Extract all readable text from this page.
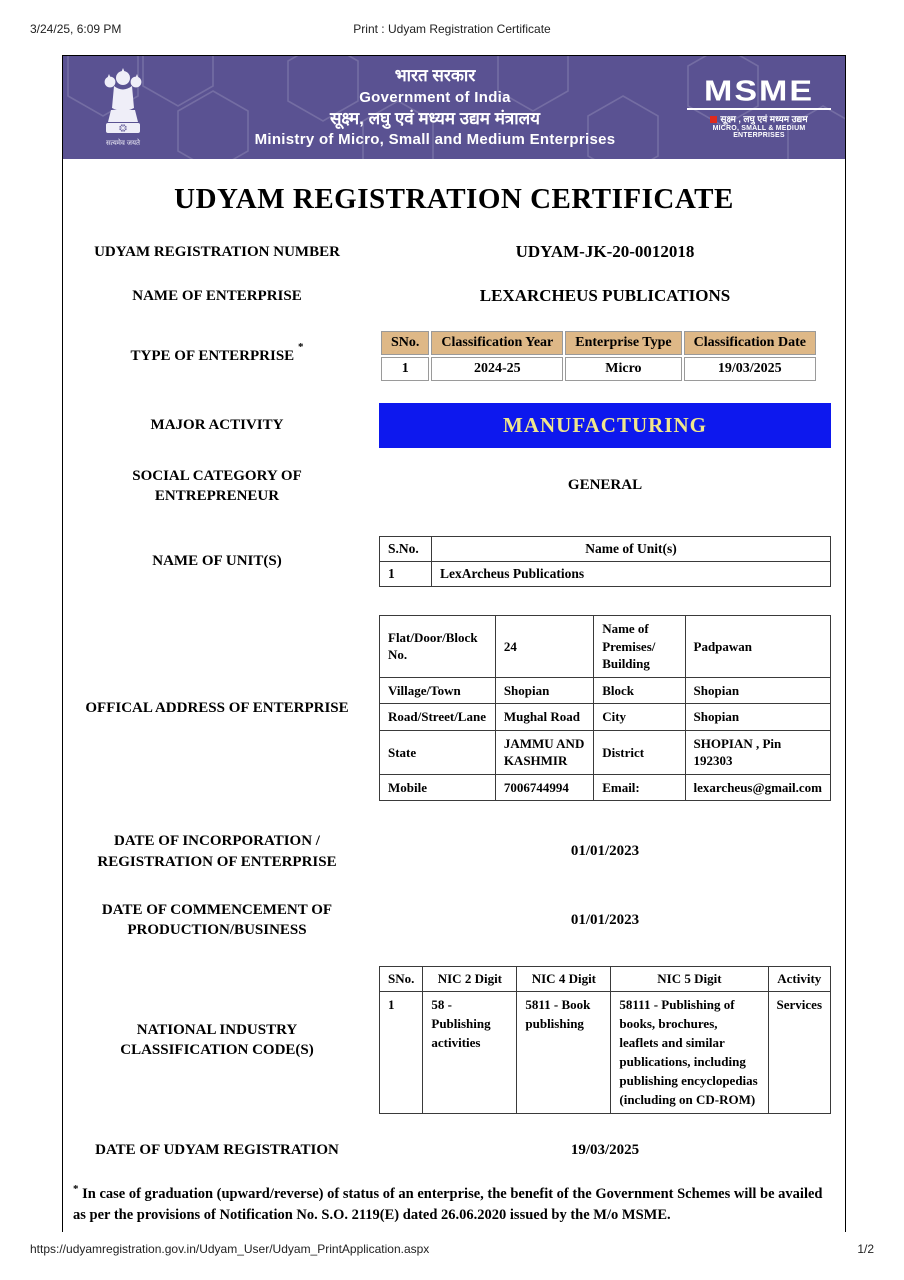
3/24/25, 6:09 PM	Print : Udyam Registration Certificate
सत्यमेव जयते
भारत सरकार
Government of India
सूक्ष्म, लघु एवं मध्यम उद्यम मंत्रालय
Ministry of Micro, Small and Medium Enterprises
MSME
सूक्ष्म , लघु एवं मध्यम उद्यम
MICRO, SMALL & MEDIUM ENTERPRISES
UDYAM REGISTRATION CERTIFICATE
UDYAM REGISTRATION NUMBER	UDYAM-JK-20-0012018
NAME OF ENTERPRISE	LEXARCHEUS PUBLICATIONS
TYPE OF ENTERPRISE *	SNo.	Classification Year	Enterprise Type	Classification Date
1	2024-25	Micro	19/03/2025
MAJOR ACTIVITY	MANUFACTURING
SOCIAL CATEGORY OF ENTREPRENEUR
GENERAL
NAME OF UNIT(S)
S.No.	Name of Unit(s)
1	LexArcheus Publications
OFFICAL ADDRESS OF ENTERPRISE
Flat/Door/Block No.	24	Name of Premises/ Building	Padpawan
Village/Town	Shopian	Block	Shopian
Road/Street/Lane	Mughal Road	City	Shopian
State	JAMMU AND KASHMIR	District	SHOPIAN , Pin 192303
Mobile	7006744994	Email:	lexarcheus@gmail.com
DATE OF INCORPORATION / REGISTRATION OF ENTERPRISE
01/01/2023
DATE OF COMMENCEMENT OF PRODUCTION/BUSINESS
01/01/2023
NATIONAL INDUSTRY CLASSIFICATION CODE(S)
SNo.	NIC 2 Digit	NIC 4 Digit	NIC 5 Digit	Activity
1	58 - Publishing activities	5811 - Book publishing	58111 - Publishing of books, brochures, leaflets and similar publications, including publishing encyclopedias (including on CD-ROM)	Services
DATE OF UDYAM REGISTRATION	19/03/2025
* In case of graduation (upward/reverse) of status of an enterprise, the benefit of the Government Schemes will be availed as per the provisions of Notification No. S.O. 2119(E) dated 26.06.2020 issued by the M/o MSME.

https://udyamregistration.gov.in/Udyam_User/Udyam_PrintApplication.aspx	1/2
